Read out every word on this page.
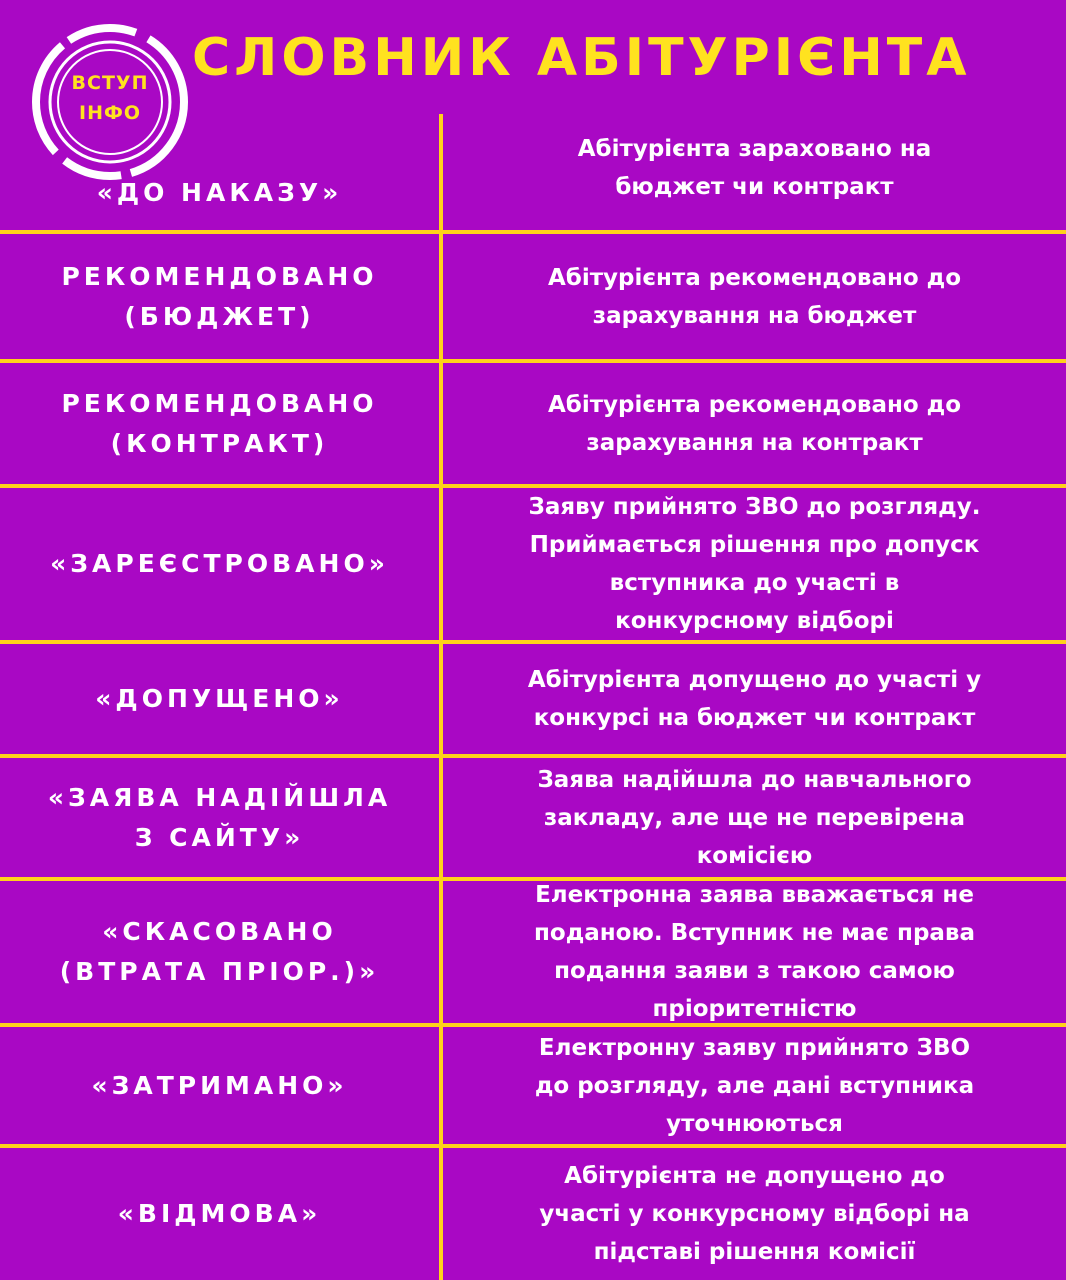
ВСТУП
ІНФО
СЛОВНИК АБІТУРІЄНТА
«ДО НАКАЗУ»
Абітурієнта зараховано на
бюджет чи контракт
РЕКОМЕНДОВАНО
(БЮДЖЕТ)
Абітурієнта рекомендовано до
зарахування на бюджет
РЕКОМЕНДОВАНО
(КОНТРАКТ)
Абітурієнта рекомендовано до
зарахування на контракт
«ЗАРЕЄСТРОВАНО»
Заяву прийнято ЗВО до розгляду.
Приймається рішення про допуск
вступника до участі в
конкурсному відборі
«ДОПУЩЕНО»
Абітурієнта допущено до участі у
конкурсі на бюджет чи контракт
«ЗАЯВА НАДІЙШЛА
З САЙТУ»
Заява надійшла до навчального
закладу, але ще не перевірена
комісією
«СКАСОВАНО
(ВТРАТА ПРІОР.)»
Електронна заява вважається не
поданою. Вступник не має права
подання заяви з такою самою
пріоритетністю
«ЗАТРИМАНО»
Електронну заяву прийнято ЗВО
до розгляду, але дані вступника
уточнюються
«ВІДМОВА»
Абітурієнта не допущено до
участі у конкурсному відборі на
підставі рішення комісії
